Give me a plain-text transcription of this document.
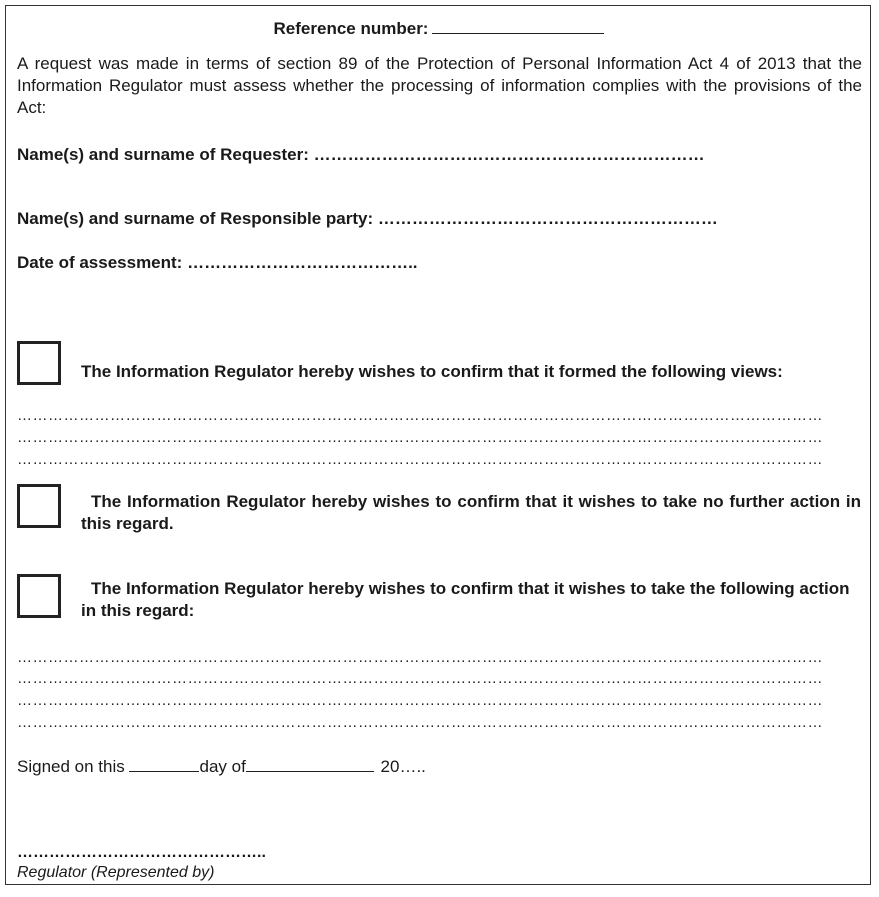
Reference number:
A request was made in terms of section 89 of the Protection of Personal Information Act 4 of 2013 that the Information Regulator must assess whether the processing of information complies with the provisions of the Act:
Name(s) and surname of Requester: ……………………………………………………………
Name(s) and surname of Responsible party: ……………………………………………………
Date of assessment: …………………………………..
The Information Regulator hereby wishes to confirm that it formed the following views:
…………………………………………………………………………………………………………………………………………
…………………………………………………………………………………………………………………………………………
…………………………………………………………………………………………………………………………………………
The Information Regulator hereby wishes to confirm that it wishes to take no further action in this regard.
The Information Regulator hereby wishes to confirm that it wishes to take the following action in this regard:
…………………………………………………………………………………………………………………………………………
…………………………………………………………………………………………………………………………………………
…………………………………………………………………………………………………………………………………………
…………………………………………………………………………………………………………………………………………
Signed on this	day of	20…..
………………………………………..
Regulator (Represented by)
